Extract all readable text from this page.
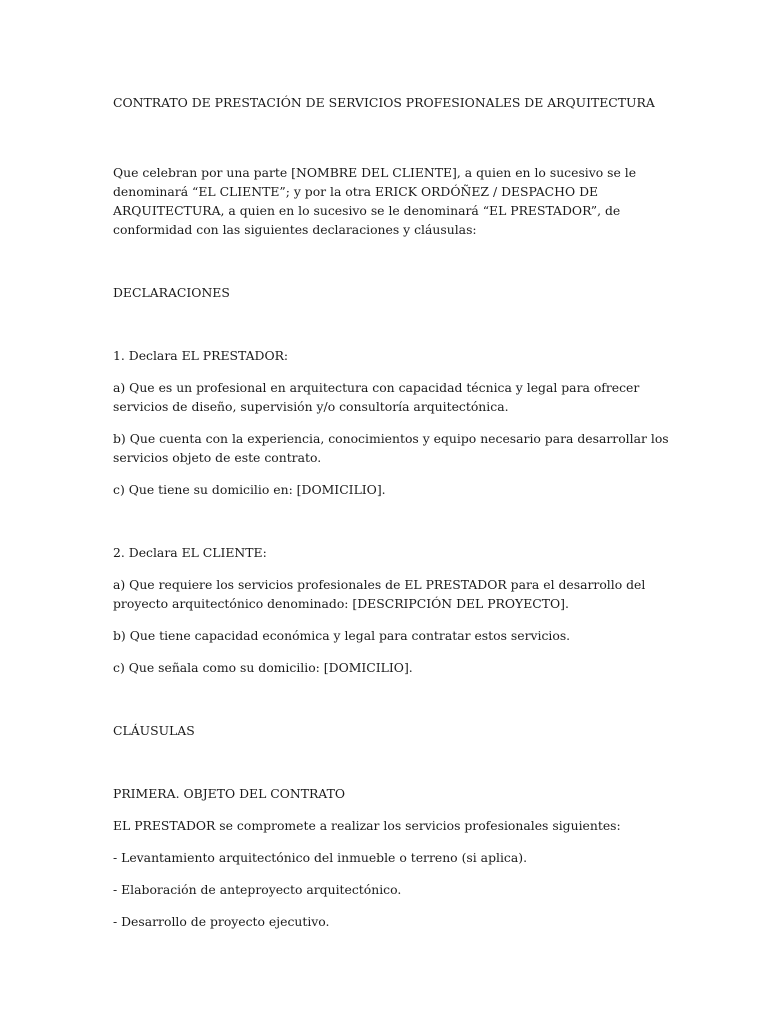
CONTRATO DE PRESTACIÓN DE SERVICIOS PROFESIONALES DE ARQUITECTURA

Que celebran por una parte [NOMBRE DEL CLIENTE], a quien en lo sucesivo se le denominará “EL CLIENTE”; y por la otra ERICK ORDÓÑEZ / DESPACHO DE ARQUITECTURA, a quien en lo sucesivo se le denominará “EL PRESTADOR”, de conformidad con las siguientes declaraciones y cláusulas:

DECLARACIONES

1. Declara EL PRESTADOR:

a) Que es un profesional en arquitectura con capacidad técnica y legal para ofrecer servicios de diseño, supervisión y/o consultoría arquitectónica.

b) Que cuenta con la experiencia, conocimientos y equipo necesario para desarrollar los servicios objeto de este contrato.

c) Que tiene su domicilio en: [DOMICILIO].

2. Declara EL CLIENTE:

a) Que requiere los servicios profesionales de EL PRESTADOR para el desarrollo del proyecto arquitectónico denominado: [DESCRIPCIÓN DEL PROYECTO].

b) Que tiene capacidad económica y legal para contratar estos servicios.

c) Que señala como su domicilio: [DOMICILIO].

CLÁUSULAS

PRIMERA. OBJETO DEL CONTRATO

EL PRESTADOR se compromete a realizar los servicios profesionales siguientes:

- Levantamiento arquitectónico del inmueble o terreno (si aplica).

- Elaboración de anteproyecto arquitectónico.

- Desarrollo de proyecto ejecutivo.
